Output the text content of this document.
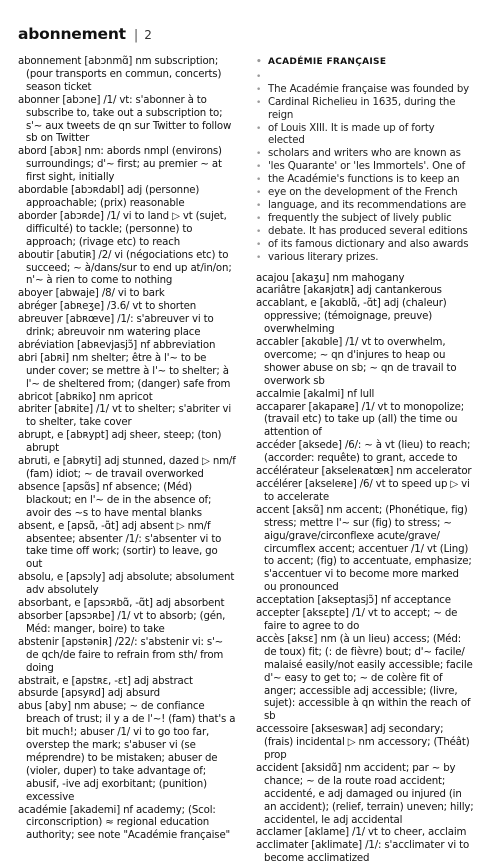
abonnement | 2

abonnement [abɔnmɑ̃] nm subscription; (pour transports en commun, concerts) season ticket

abonner [abɔne] /1/ vt: s'abonner à to subscribe to, take out a subscription to; s'~ aux tweets de qn sur Twitter to follow sb on Twitter

abord [abɔʀ] nm: abords nmpl (environs) surroundings; d'~ first; au premier ~ at first sight, initially

abordable [abɔʀdabl] adj (personne) approachable; (prix) reasonable

aborder [abɔʀde] /1/ vi to land ▷ vt (sujet, difficulté) to tackle; (personne) to approach; (rivage etc) to reach

aboutir [abutiʀ] /2/ vi (négociations etc) to succeed; ~ à/dans/sur to end up at/in/on; n'~ à rien to come to nothing

aboyer [abwaje] /8/ vi to bark

abréger [abʀeʒe] /3.6/ vt to shorten

abreuver [abʀœve] /1/: s'abreuver vi to drink; abreuvoir nm watering place

abréviation [abʀevjasjɔ̃] nf abbreviation

abri [abʀi] nm shelter; être à l'~ to be under cover; se mettre à l'~ to shelter; à l'~ de sheltered from; (danger) safe from

abricot [abʀiko] nm apricot

abriter [abʀite] /1/ vt to shelter; s'abriter vi to shelter, take cover

abrupt, e [abʀypt] adj sheer, steep; (ton) abrupt

abruti, e [abʀyti] adj stunned, dazed ▷ nm/f (fam) idiot; ~ de travail overworked

absence [apsɑ̃s] nf absence; (Méd) blackout; en l'~ de in the absence of; avoir des ~s to have mental blanks

absent, e [apsɑ̃, -ɑ̃t] adj absent ▷ nm/f absentee; absenter /1/: s'absenter vi to take time off work; (sortir) to leave, go out

absolu, e [apsɔly] adj absolute; absolument adv absolutely

absorbant, e [apsɔʀbɑ̃, -ɑ̃t] adj absorbent

absorber [apsɔʀbe] /1/ vt to absorb; (gén, Méd: manger, boire) to take

abstenir [apstəniʀ] /22/: s'abstenir vi: s'~ de qch/de faire to refrain from sth/ from doing

abstrait, e [apstʀɛ, -ɛt] adj abstract

absurde [apsyʀd] adj absurd

abus [aby] nm abuse; ~ de confiance breach of trust; il y a de l'~! (fam) that's a bit much!; abuser /1/ vi to go too far, overstep the mark; s'abuser vi (se méprendre) to be mistaken; abuser de (violer, duper) to take advantage of; abusif, -ive adj exorbitant; (punition) excessive

académie [akademi] nf academy; (Scol: circonscription) ≈ regional education authority; see note "Académie française"

• ACADÉMIE FRANÇAISE
•
• The Académie française was founded by
• Cardinal Richelieu in 1635, during the reign
• of Louis XIII. It is made up of forty elected
• scholars and writers who are known as
• 'les Quarante' or 'les Immortels'. One of
• the Académie's functions is to keep an
• eye on the development of the French
• language, and its recommendations are
• frequently the subject of lively public
• debate. It has produced several editions
• of its famous dictionary and also awards
• various literary prizes.

acajou [akaʒu] nm mahogany

acariâtre [akaʀjɑtʀ] adj cantankerous

accablant, e [akɑblɑ̃, -ɑ̃t] adj (chaleur) oppressive; (témoignage, preuve) overwhelming

accabler [akɑble] /1/ vt to overwhelm, overcome; ~ qn d'injures to heap ou shower abuse on sb; ~ qn de travail to overwork sb

accalmie [akalmi] nf lull

accaparer [akapaʀe] /1/ vt to monopolize; (travail etc) to take up (all) the time ou attention of

accéder [aksede] /6/: ~ à vt (lieu) to reach; (accorder: requête) to grant, accede to

accélérateur [akseleʀatœʀ] nm accelerator

accélérer [akseleʀe] /6/ vt to speed up ▷ vi to accelerate

accent [aksɑ̃] nm accent; (Phonétique, fig) stress; mettre l'~ sur (fig) to stress; ~ aigu/grave/circonflexe acute/grave/ circumflex accent; accentuer /1/ vt (Ling) to accent; (fig) to accentuate, emphasize; s'accentuer vi to become more marked ou pronounced

acceptation [akseptasjɔ̃] nf acceptance

accepter [aksɛpte] /1/ vt to accept; ~ de faire to agree to do

accès [aksɛ] nm (à un lieu) access; (Méd: de toux) fit; (: de fièvre) bout; d'~ facile/ malaisé easily/not easily accessible; facile d'~ easy to get to; ~ de colère fit of anger; accessible adj accessible; (livre, sujet): accessible à qn within the reach of sb

accessoire [akseswaʀ] adj secondary; (frais) incidental ▷ nm accessory; (Théât) prop

accident [aksidɑ̃] nm accident; par ~ by chance; ~ de la route road accident; accidenté, e adj damaged ou injured (in an accident); (relief, terrain) uneven; hilly; accidentel, le adj accidental

acclamer [aklame] /1/ vt to cheer, acclaim

acclimater [aklimate] /1/: s'acclimater vi to become acclimatized
